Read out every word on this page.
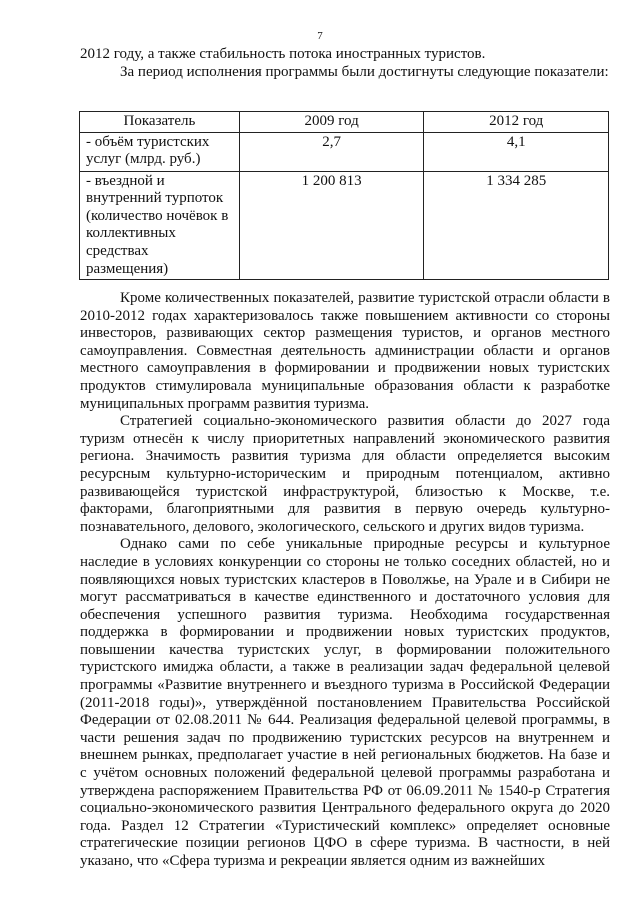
7

2012 году, а также стабильность потока иностранных туристов.

За период исполнения программы были достигнуты следующие показатели:

Показатель	2009 год	2012 год
- объём туристских услуг (млрд. руб.)	2,7	4,1
- въездной и внутренний турпоток (количество ночёвок в коллективных средствах размещения)	1 200 813	1 334 285

Кроме количественных показателей, развитие туристской отрасли области в 2010-2012 годах характеризовалось также повышением активности со стороны инвесторов, развивающих сектор размещения туристов, и органов местного самоуправления. Совместная деятельность администрации области и органов местного самоуправления в формировании и продвижении новых туристских продуктов стимулировала муниципальные образования области к разработке муниципальных программ развития туризма.

Стратегией социально-экономического развития области до 2027 года туризм отнесён к числу приоритетных направлений экономического развития региона. Значимость развития туризма для области определяется высоким ресурсным культурно-историческим и природным потенциалом, активно развивающейся туристской инфраструктурой, близостью к Москве, т.е. факторами, благоприятными для развития в первую очередь культурно-познавательного, делового, экологического, сельского и других видов туризма.

Однако сами по себе уникальные природные ресурсы и культурное наследие в условиях конкуренции со стороны не только соседних областей, но и появляющихся новых туристских кластеров в Поволжье, на Урале и в Сибири не могут рассматриваться в качестве единственного и достаточного условия для обеспечения успешного развития туризма. Необходима государственная поддержка в формировании и продвижении новых туристских продуктов, повышении качества туристских услуг, в формировании положительного туристского имиджа области, а также в реализации задач федеральной целевой программы «Развитие внутреннего и въездного туризма в Российской Федерации (2011-2018 годы)», утверждённой постановлением Правительства Российской Федерации от 02.08.2011 № 644. Реализация федеральной целевой программы, в части решения задач по продвижению туристских ресурсов на внутреннем и внешнем рынках, предполагает участие в ней региональных бюджетов. На базе и с учётом основных положений федеральной целевой программы разработана и утверждена распоряжением Правительства РФ от 06.09.2011 № 1540-р Стратегия социально-экономического развития Центрального федерального округа до 2020 года. Раздел 12 Стратегии «Туристический комплекс» определяет основные стратегические позиции регионов ЦФО в сфере туризма. В частности, в ней указано, что «Сфера туризма и рекреации является одним из важнейших
